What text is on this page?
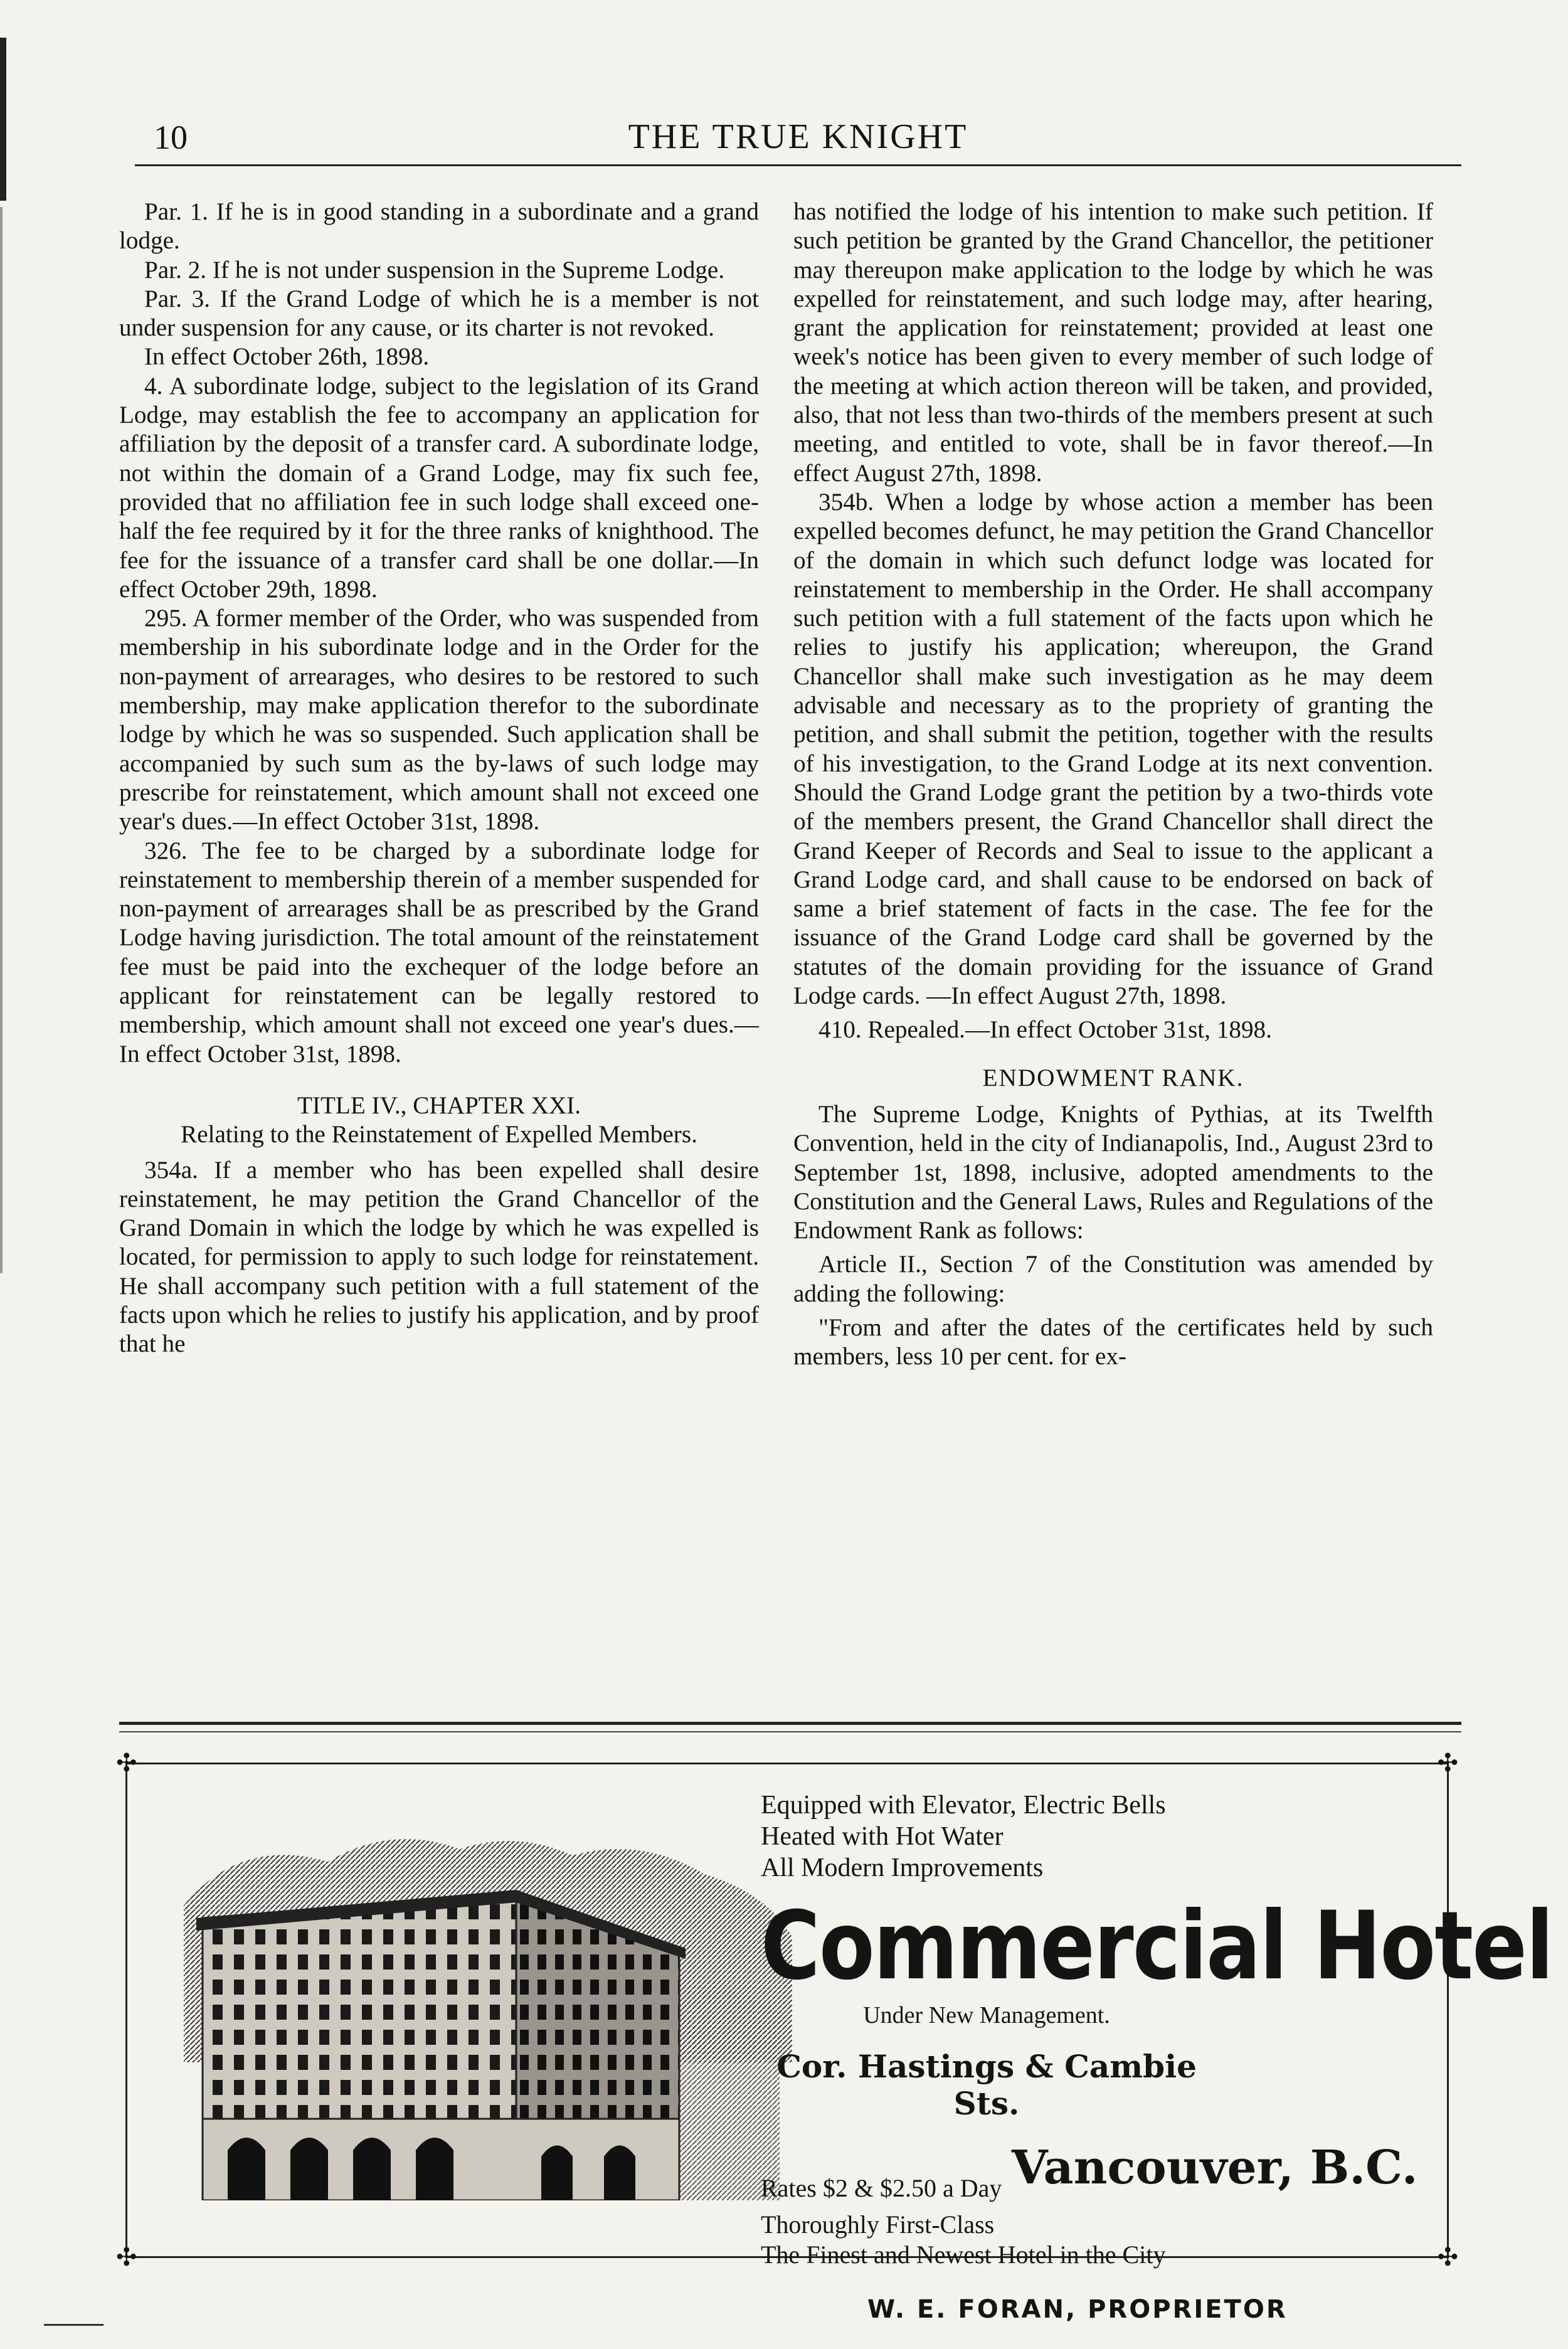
10	THE TRUE KNIGHT

Par. 1. If he is in good standing in a subordinate and a grand lodge.

Par. 2. If he is not under suspension in the Supreme Lodge.

Par. 3. If the Grand Lodge of which he is a member is not under suspension for any cause, or its charter is not revoked.

In effect October 26th, 1898.

4. A subordinate lodge, subject to the legislation of its Grand Lodge, may establish the fee to accompany an application for affiliation by the deposit of a transfer card. A subordinate lodge, not within the domain of a Grand Lodge, may fix such fee, provided that no affiliation fee in such lodge shall exceed one-half the fee required by it for the three ranks of knighthood. The fee for the issuance of a transfer card shall be one dollar.—In effect October 29th, 1898.

295. A former member of the Order, who was suspended from membership in his subordinate lodge and in the Order for the non-payment of arrearages, who desires to be restored to such membership, may make application therefor to the subordinate lodge by which he was so suspended. Such application shall be accompanied by such sum as the by-laws of such lodge may prescribe for reinstatement, which amount shall not exceed one year's dues.—In effect October 31st, 1898.

326. The fee to be charged by a subordinate lodge for reinstatement to membership therein of a member suspended for non-payment of arrearages shall be as prescribed by the Grand Lodge having jurisdiction. The total amount of the reinstatement fee must be paid into the exchequer of the lodge before an applicant for reinstatement can be legally restored to membership, which amount shall not exceed one year's dues.—In effect October 31st, 1898.

TITLE IV., CHAPTER XXI.

Relating to the Reinstatement of Expelled Members.

354a. If a member who has been expelled shall desire reinstatement, he may petition the Grand Chancellor of the Grand Domain in which the lodge by which he was expelled is located, for permission to apply to such lodge for reinstatement. He shall accompany such petition with a full statement of the facts upon which he relies to justify his application, and by proof that he

has notified the lodge of his intention to make such petition. If such petition be granted by the Grand Chancellor, the petitioner may thereupon make application to the lodge by which he was expelled for reinstatement, and such lodge may, after hearing, grant the application for reinstatement; provided at least one week's notice has been given to every member of such lodge of the meeting at which action thereon will be taken, and provided, also, that not less than two-thirds of the members present at such meeting, and entitled to vote, shall be in favor thereof.—In effect August 27th, 1898.

354b. When a lodge by whose action a member has been expelled becomes defunct, he may petition the Grand Chancellor of the domain in which such defunct lodge was located for reinstatement to membership in the Order. He shall accompany such petition with a full statement of the facts upon which he relies to justify his application; whereupon, the Grand Chancellor shall make such investigation as he may deem advisable and necessary as to the propriety of granting the petition, and shall submit the petition, together with the results of his investigation, to the Grand Lodge at its next convention. Should the Grand Lodge grant the petition by a two-thirds vote of the members present, the Grand Chancellor shall direct the Grand Keeper of Records and Seal to issue to the applicant a Grand Lodge card, and shall cause to be endorsed on back of same a brief statement of facts in the case. The fee for the issuance of the Grand Lodge card shall be governed by the statutes of the domain providing for the issuance of Grand Lodge cards. —In effect August 27th, 1898.

410. Repealed.—In effect October 31st, 1898.

ENDOWMENT RANK.

The Supreme Lodge, Knights of Pythias, at its Twelfth Convention, held in the city of Indianapolis, Ind., August 23rd to September 1st, 1898, inclusive, adopted amendments to the Constitution and the General Laws, Rules and Regulations of the Endowment Rank as follows:

Article II., Section 7 of the Constitution was amended by adding the following:

"From and after the dates of the certificates held by such members, less 10 per cent. for ex-

✣	✣
✣	✣
Equipped with Elevator, Electric Bells
Heated with Hot Water
All Modern Improvements
Commercial Hotel
Under New Management.
Cor. Hastings & Cambie Sts.
Rates $2 & $2.50 a Day Vancouver, B.C.
Thoroughly First-Class
The Finest and Newest Hotel in the City
W. E. FORAN, PROPRIETOR
